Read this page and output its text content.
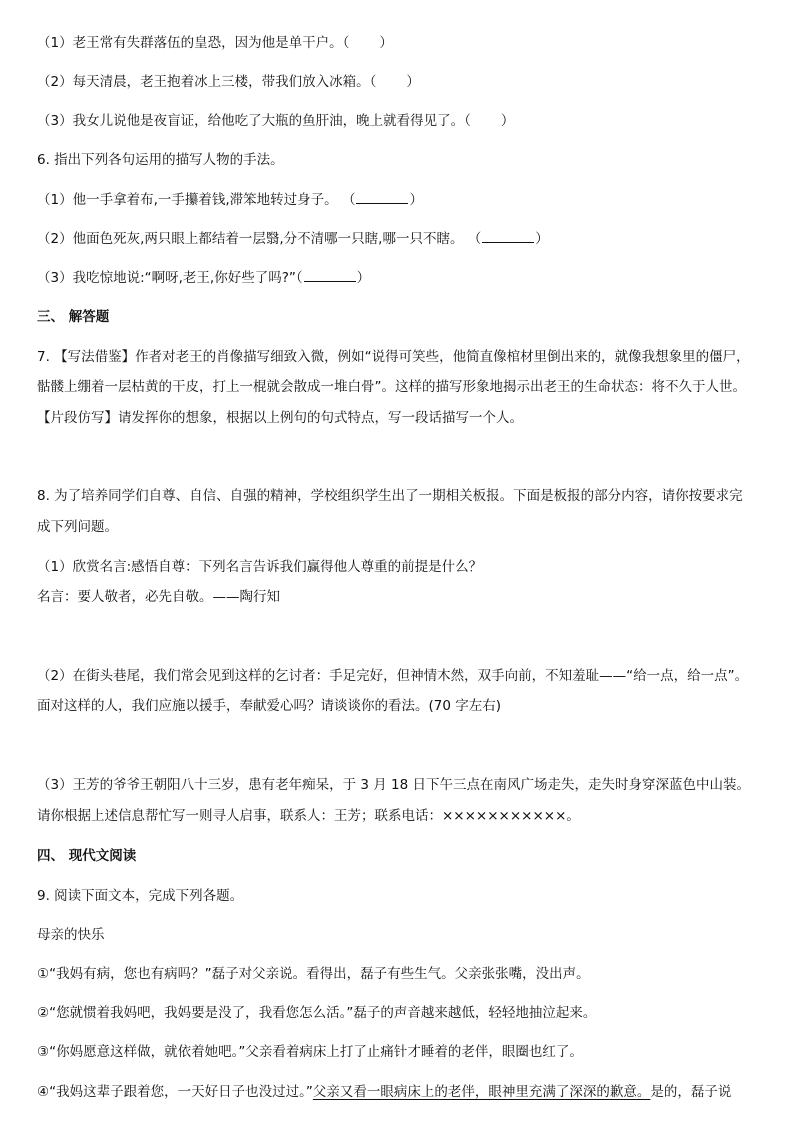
（1）老王常有失群落伍的皇恐，因为他是单干户。（ ）
（2）每天清晨，老王抱着冰上三楼，带我们放入冰箱。（ ）
（3）我女儿说他是夜盲证，给他吃了大瓶的鱼肝油，晚上就看得见了。（ ）
6. 指出下列各句运用的描写人物的手法。
（1）他一手拿着布,一手攥着钱,滞笨地转过身子。 （	）
（2）他面色死灰,两只眼上都结着一层翳,分不清哪一只瞎,哪一只不瞎。 （	）
（3）我吃惊地说:“啊呀,老王,你好些了吗?”（	）
三、 解答题
7. 【写法借鉴】作者对老王的肖像描写细致入微，例如“说得可笑些，他简直像棺材里倒出来的，就像我想象里的僵尸，
骷髅上绷着一层枯黄的干皮，打上一棍就会散成一堆白骨”。这样的描写形象地揭示出老王的生命状态：将不久于人世。
【片段仿写】请发挥你的想象，根据以上例句的句式特点，写一段话描写一个人。
8. 为了培养同学们自尊、自信、自强的精神，学校组织学生出了一期相关板报。下面是板报的部分内容，请你按要求完
成下列问题。
（1）欣赏名言:感悟自尊：下列名言告诉我们赢得他人尊重的前提是什么？
名言：要人敬者，必先自敬。——陶行知
（2）在街头巷尾，我们常会见到这样的乞讨者：手足完好，但神情木然，双手向前，不知羞耻——“给一点，给一点”。
面对这样的人，我们应施以援手，奉献爱心吗？请谈谈你的看法。(70 字左右)
（3）王芳的爷爷王朝阳八十三岁，患有老年痴呆，于 3 月 18 日下午三点在南风广场走失，走失时身穿深蓝色中山装。
请你根据上述信息帮忙写一则寻人启事，联系人：王芳；联系电话：×××××××××××。
四、 现代文阅读
9. 阅读下面文本，完成下列各题。
母亲的快乐
①“我妈有病，您也有病吗？”磊子对父亲说。看得出，磊子有些生气。父亲张张嘴，没出声。
②“您就惯着我妈吧，我妈要是没了，我看您怎么活。”磊子的声音越来越低，轻轻地抽泣起来。
③“你妈愿意这样做，就依着她吧。”父亲看着病床上打了止痛针才睡着的老伴，眼圈也红了。
④“我妈这辈子跟着您，一天好日子也没过过。”父亲又看一眼病床上的老伴，眼神里充满了深深的歉意。是的，磊子说
